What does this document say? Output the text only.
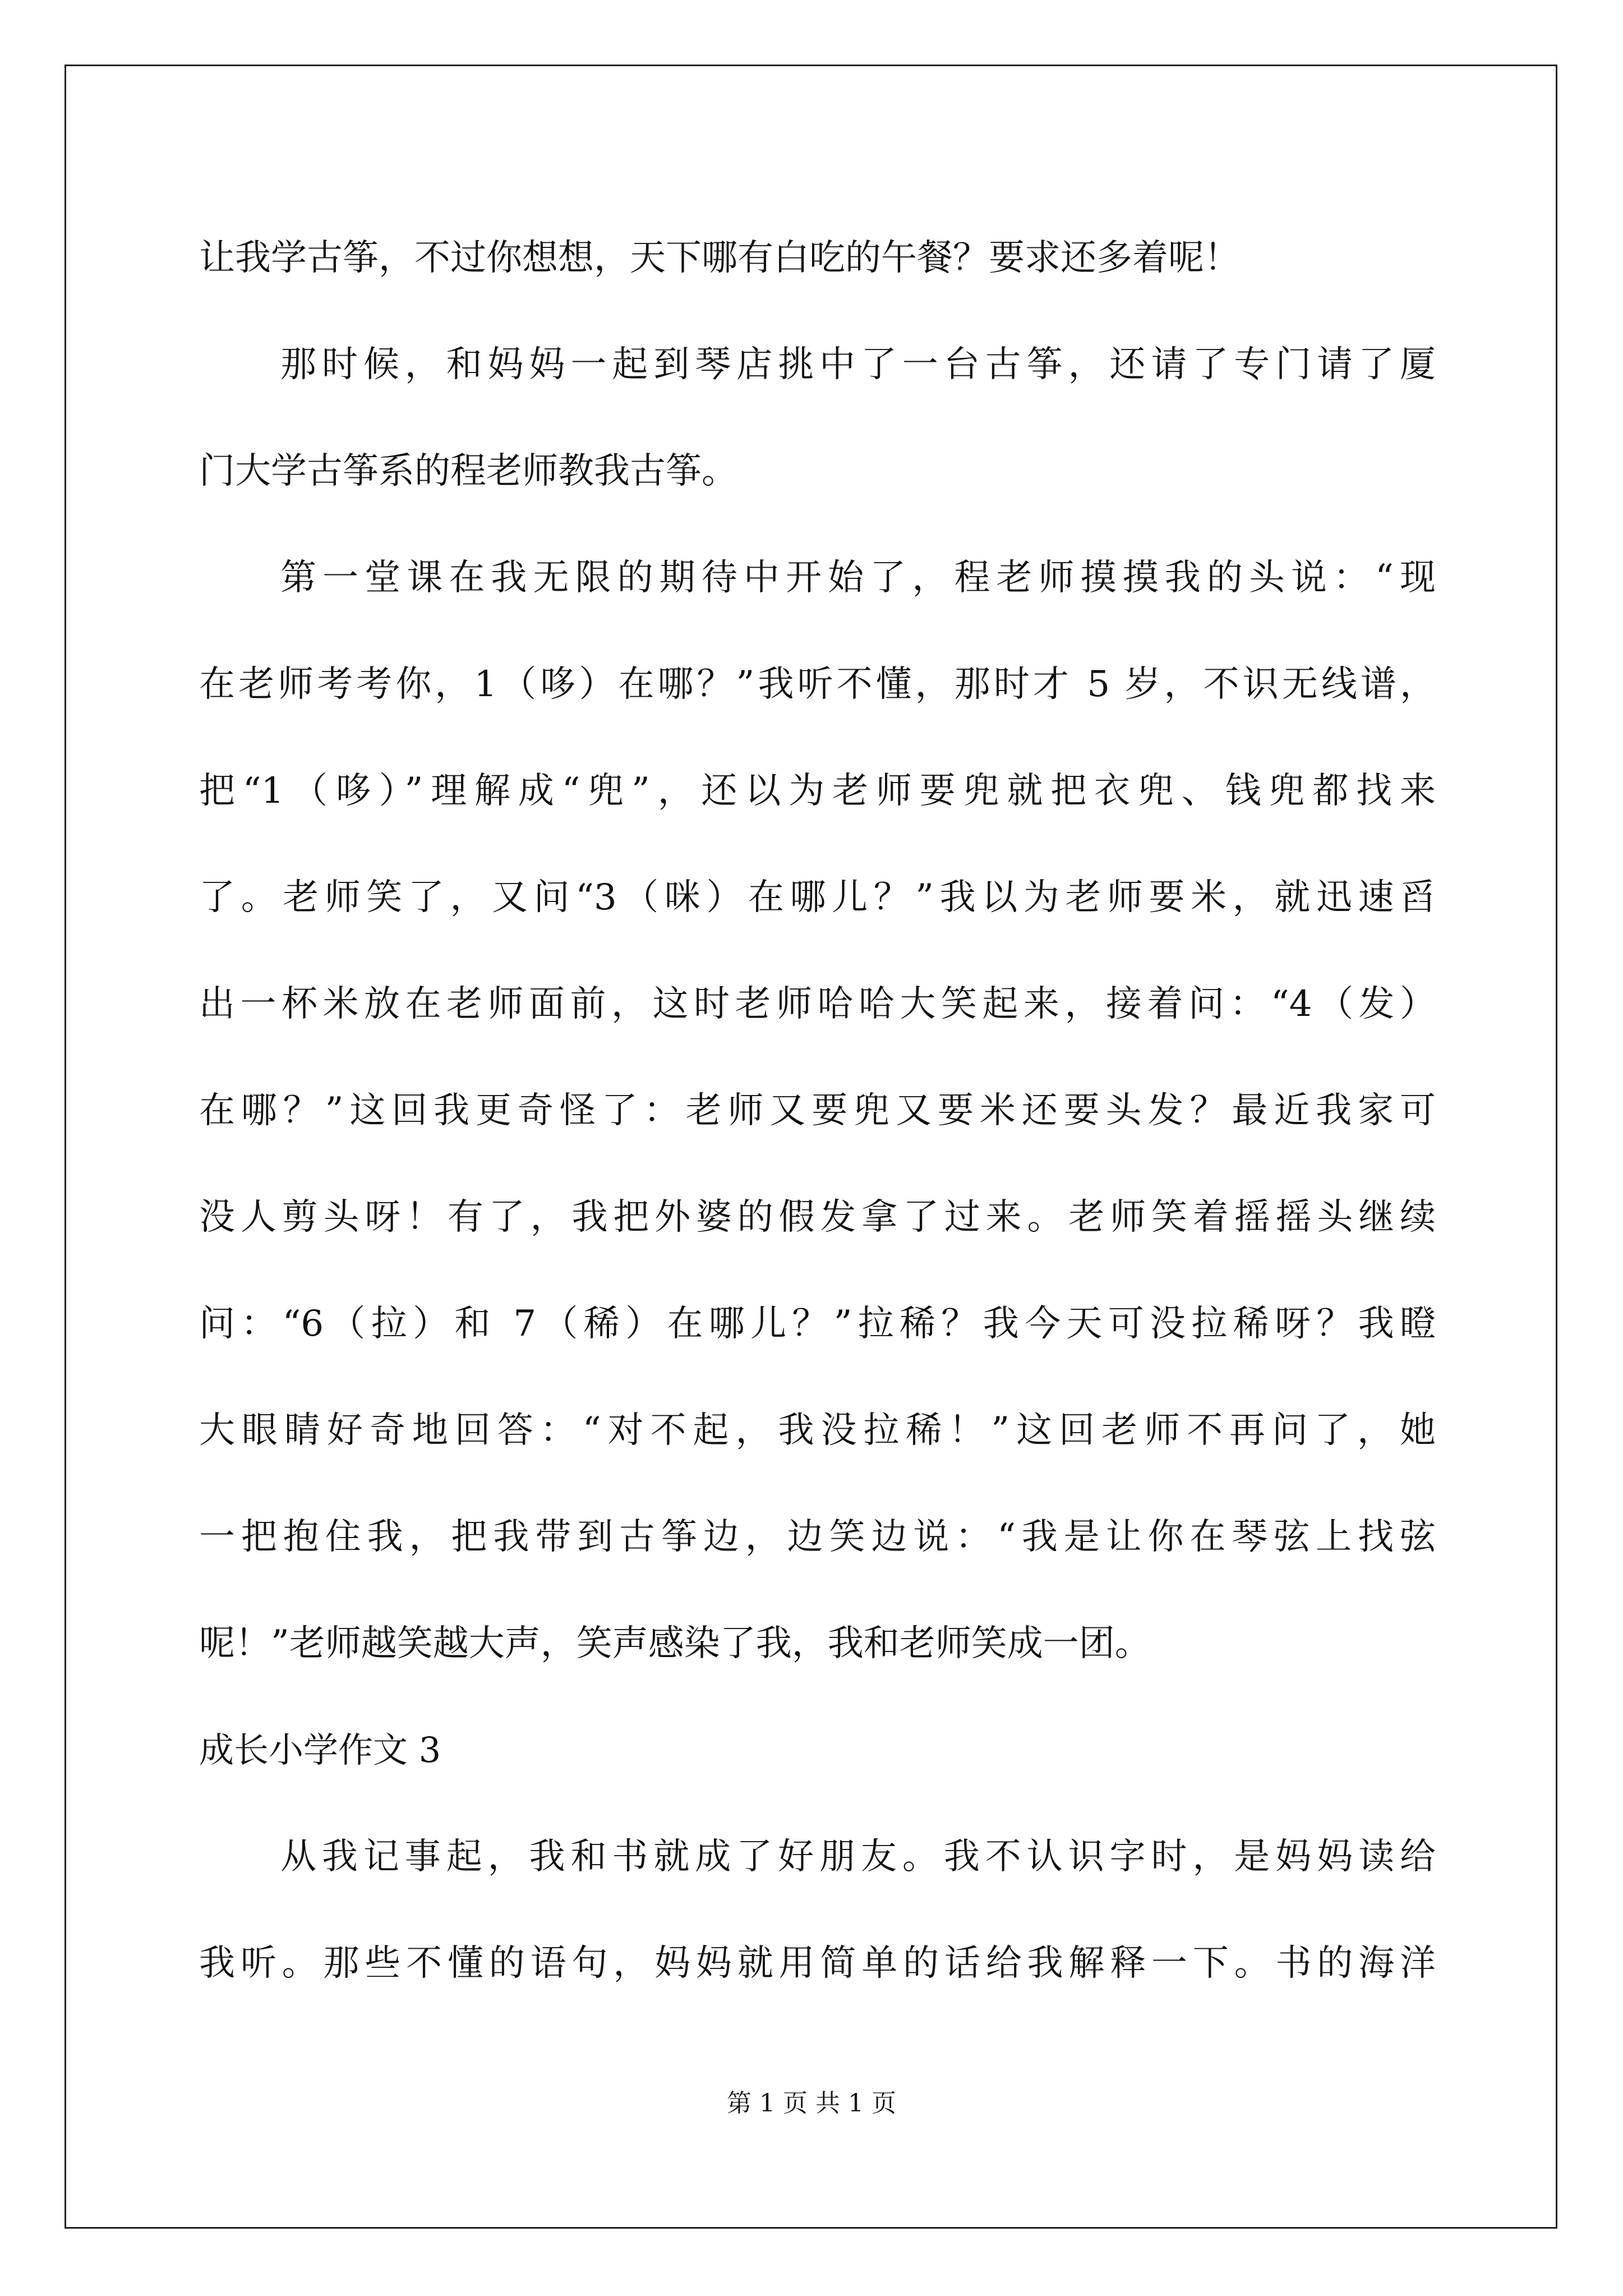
让我学古筝，不过你想想，天下哪有白吃的午餐？要求还多着呢！
那时候，和妈妈一起到琴店挑中了一台古筝，还请了专门请了厦
门大学古筝系的程老师教我古筝。
第一堂课在我无限的期待中开始了，程老师摸摸我的头说：“现
在老师考考你，1（哆）在哪？”我听不懂，那时才 5 岁，不识无线谱，
把“1（哆）”理解成“兜”，还以为老师要兜就把衣兜、钱兜都找来
了。老师笑了，又问“3（咪）在哪儿？”我以为老师要米，就迅速舀
出一杯米放在老师面前，这时老师哈哈大笑起来，接着问：“4（发）
在哪？”这回我更奇怪了：老师又要兜又要米还要头发？最近我家可
没人剪头呀！有了，我把外婆的假发拿了过来。老师笑着摇摇头继续
问：“6（拉）和 7（稀）在哪儿？”拉稀？我今天可没拉稀呀？我瞪
大眼睛好奇地回答：“对不起，我没拉稀！”这回老师不再问了，她
一把抱住我，把我带到古筝边，边笑边说：“我是让你在琴弦上找弦
呢！”老师越笑越大声，笑声感染了我，我和老师笑成一团。
成长小学作文 3
从我记事起，我和书就成了好朋友。我不认识字时，是妈妈读给
我听。那些不懂的语句，妈妈就用简单的话给我解释一下。书的海洋
第 1 页 共 1 页
